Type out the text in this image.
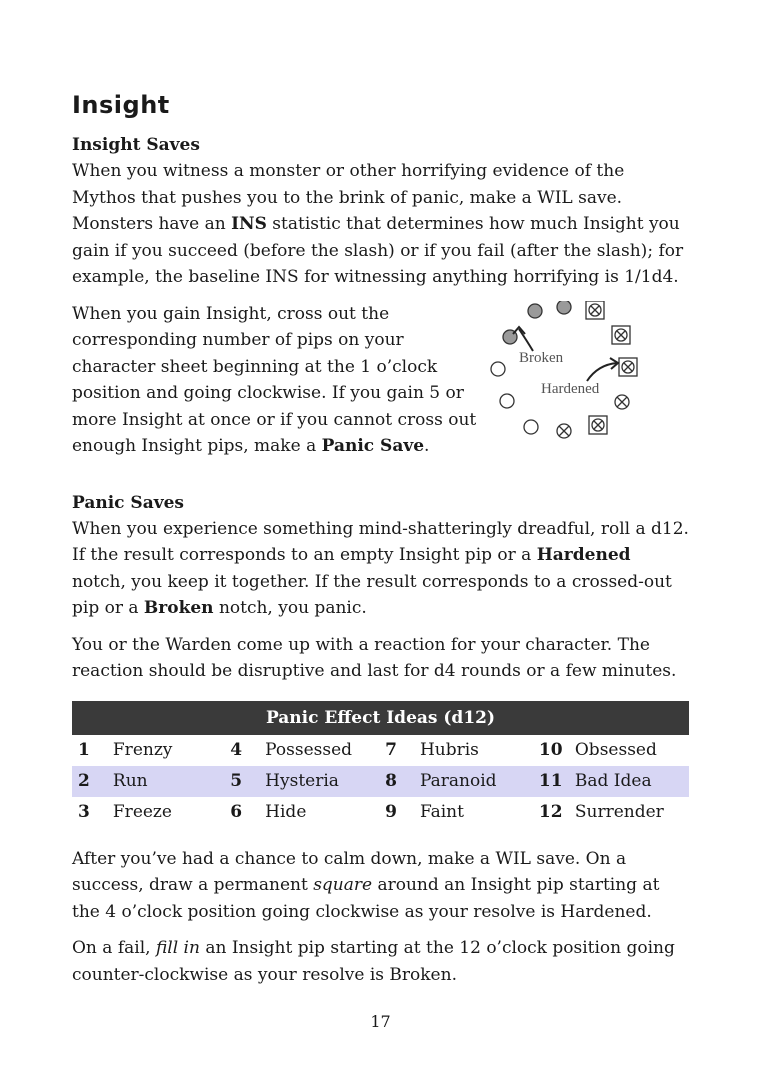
Insight
Insight Saves

When you witness a monster or other horrifying evidence of the Mythos that pushes you to the brink of panic, make a WIL save. Monsters have an INS statistic that determines how much Insight you gain if you succeed (before the slash) or if you fail (after the slash); for example, the baseline INS for witnessing anything horrifying is 1/1d4.

When you gain Insight, cross out the corresponding number of pips on your character sheet beginning at the 1 o’clock position and going clockwise. If you gain 5 or more Insight at once or if you cannot cross out enough Insight pips, make a Panic Save.

Broken
Hardened
Panic Saves

When you experience something mind-shatteringly dreadful, roll a d12. If the result corresponds to an empty Insight pip or a Hardened notch, you keep it together. If the result corresponds to a crossed-out pip or a Broken notch, you panic.

You or the Warden come up with a reaction for your character. The reaction should be disruptive and last for d4 rounds or a few minutes.

Panic Effect Ideas (d12)							
1	Frenzy	4	Possessed	7	Hubris	10	Obsessed
2	Run	5	Hysteria	8	Paranoid	11	Bad Idea
3	Freeze	6	Hide	9	Faint	12	Surrender

After you’ve had a chance to calm down, make a WIL save. On a success, draw a permanent square around an Insight pip starting at the 4 o’clock position going clockwise as your resolve is Hardened.

On a fail, fill in an Insight pip starting at the 12 o’clock position going counter-clockwise as your resolve is Broken.

17
